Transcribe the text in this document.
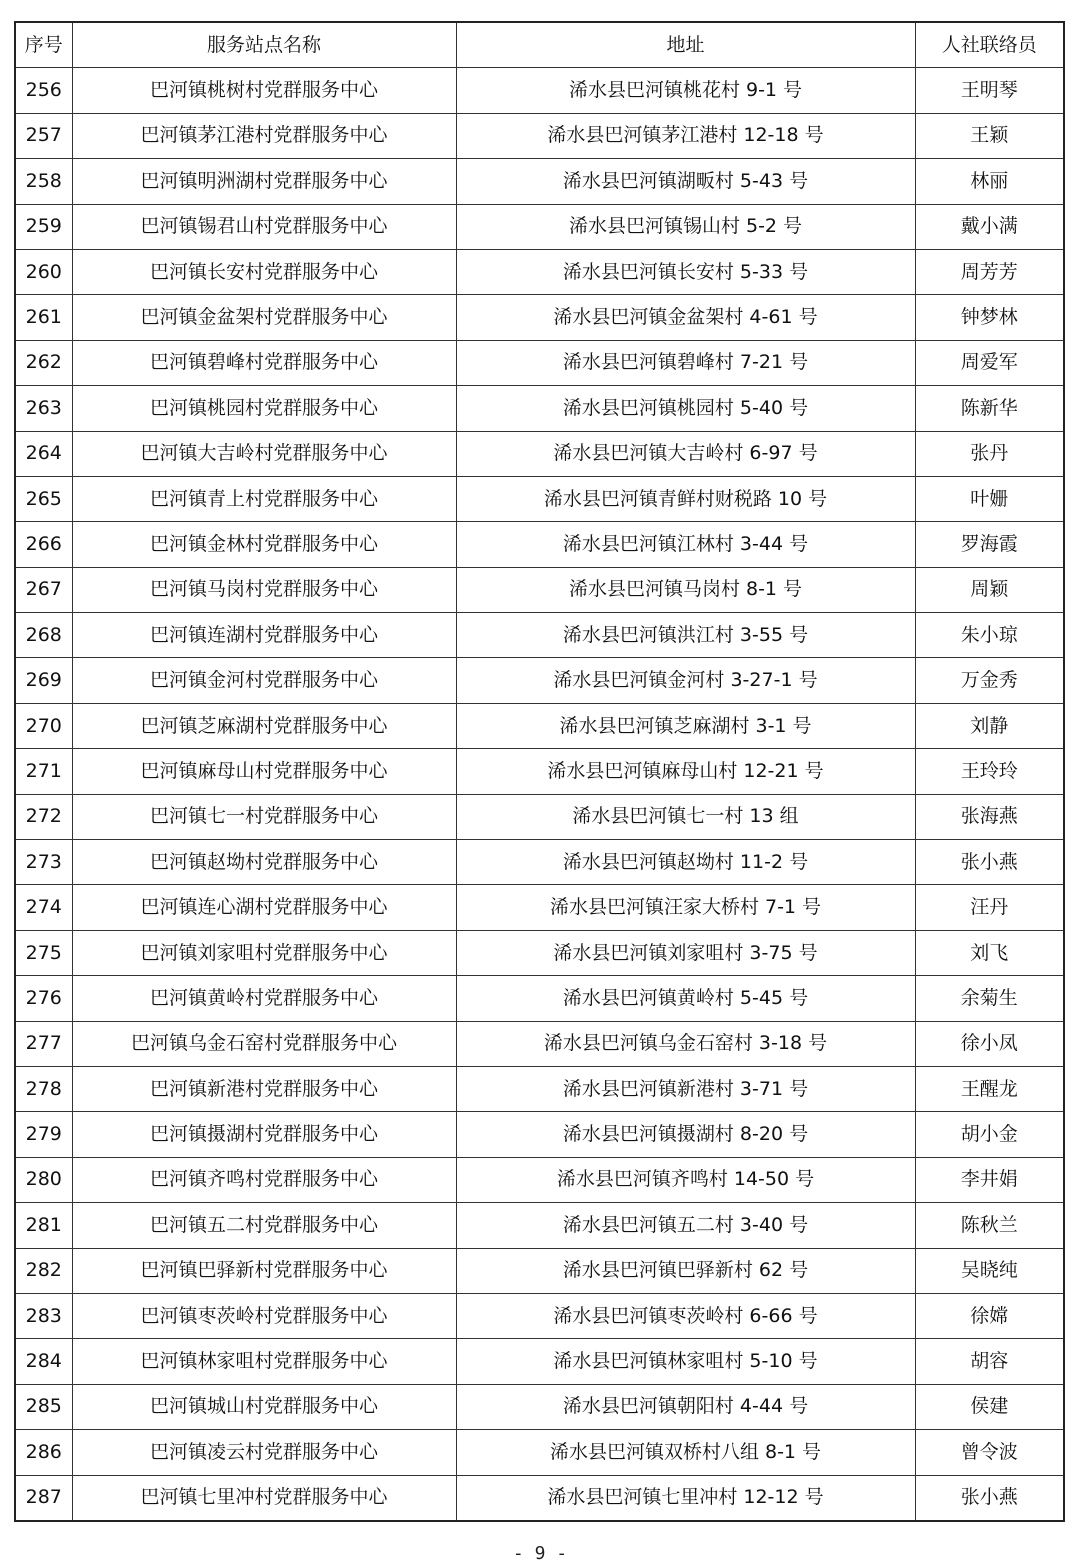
序号	服务站点名称	地址	人社联络员
256	巴河镇桃树村党群服务中心	浠水县巴河镇桃花村 9-1 号	王明琴
257	巴河镇茅江港村党群服务中心	浠水县巴河镇茅江港村 12-18 号	王颖
258	巴河镇明洲湖村党群服务中心	浠水县巴河镇湖畈村 5-43 号	林丽
259	巴河镇锡君山村党群服务中心	浠水县巴河镇锡山村 5-2 号	戴小满
260	巴河镇长安村党群服务中心	浠水县巴河镇长安村 5-33 号	周芳芳
261	巴河镇金盆架村党群服务中心	浠水县巴河镇金盆架村 4-61 号	钟梦林
262	巴河镇碧峰村党群服务中心	浠水县巴河镇碧峰村 7-21 号	周爱军
263	巴河镇桃园村党群服务中心	浠水县巴河镇桃园村 5-40 号	陈新华
264	巴河镇大吉岭村党群服务中心	浠水县巴河镇大吉岭村 6-97 号	张丹
265	巴河镇青上村党群服务中心	浠水县巴河镇青鲜村财税路 10 号	叶姗
266	巴河镇金林村党群服务中心	浠水县巴河镇江林村 3-44 号	罗海霞
267	巴河镇马岗村党群服务中心	浠水县巴河镇马岗村 8-1 号	周颖
268	巴河镇连湖村党群服务中心	浠水县巴河镇洪江村 3-55 号	朱小琼
269	巴河镇金河村党群服务中心	浠水县巴河镇金河村 3-27-1 号	万金秀
270	巴河镇芝麻湖村党群服务中心	浠水县巴河镇芝麻湖村 3-1 号	刘静
271	巴河镇麻母山村党群服务中心	浠水县巴河镇麻母山村 12-21 号	王玲玲
272	巴河镇七一村党群服务中心	浠水县巴河镇七一村 13 组	张海燕
273	巴河镇赵坳村党群服务中心	浠水县巴河镇赵坳村 11-2 号	张小燕
274	巴河镇连心湖村党群服务中心	浠水县巴河镇汪家大桥村 7-1 号	汪丹
275	巴河镇刘家咀村党群服务中心	浠水县巴河镇刘家咀村 3-75 号	刘飞
276	巴河镇黄岭村党群服务中心	浠水县巴河镇黄岭村 5-45 号	余菊生
277	巴河镇乌金石窑村党群服务中心	浠水县巴河镇乌金石窑村 3-18 号	徐小凤
278	巴河镇新港村党群服务中心	浠水县巴河镇新港村 3-71 号	王醒龙
279	巴河镇摄湖村党群服务中心	浠水县巴河镇摄湖村 8-20 号	胡小金
280	巴河镇齐鸣村党群服务中心	浠水县巴河镇齐鸣村 14-50 号	李井娟
281	巴河镇五二村党群服务中心	浠水县巴河镇五二村 3-40 号	陈秋兰
282	巴河镇巴驿新村党群服务中心	浠水县巴河镇巴驿新村 62 号	吴晓纯
283	巴河镇枣茨岭村党群服务中心	浠水县巴河镇枣茨岭村 6-66 号	徐嫦
284	巴河镇林家咀村党群服务中心	浠水县巴河镇林家咀村 5-10 号	胡容
285	巴河镇城山村党群服务中心	浠水县巴河镇朝阳村 4-44 号	侯建
286	巴河镇凌云村党群服务中心	浠水县巴河镇双桥村八组 8-1 号	曾令波
287	巴河镇七里冲村党群服务中心	浠水县巴河镇七里冲村 12-12 号	张小燕
- 9 -
